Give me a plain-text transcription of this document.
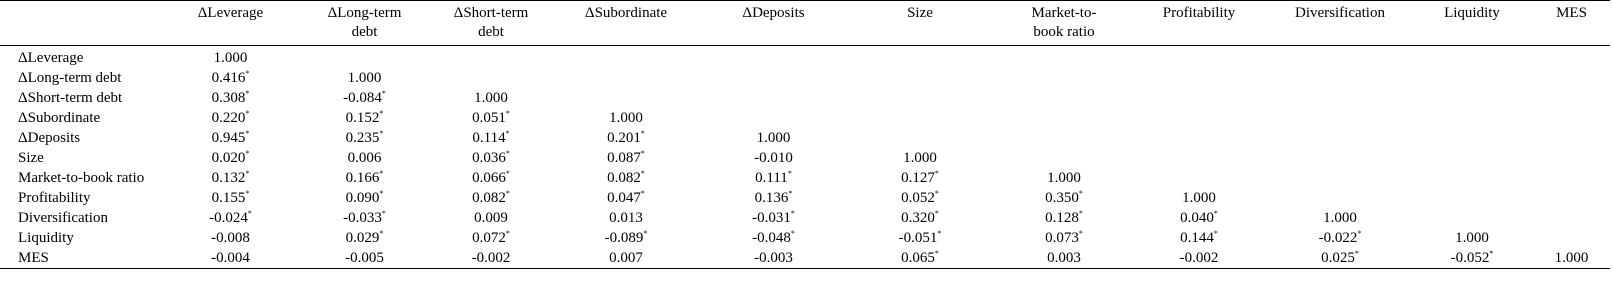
	ΔLeverage	ΔLong-term debt	ΔShort-term debt	ΔSubordinate	ΔDeposits	Size	Market-to-book ratio	Profitability	Diversification	Liquidity	MES
ΔLeverage	1.000										
ΔLong-term debt	0.416*	1.000									
ΔShort-term debt	0.308*	-0.084*	1.000								
ΔSubordinate	0.220*	0.152*	0.051*	1.000							
ΔDeposits	0.945*	0.235*	0.114*	0.201*	1.000						
Size	0.020*	0.006	0.036*	0.087*	-0.010	1.000					
Market-to-book ratio	0.132*	0.166*	0.066*	0.082*	0.111*	0.127*	1.000				
Profitability	0.155*	0.090*	0.082*	0.047*	0.136*	0.052*	0.350*	1.000			
Diversification	-0.024*	-0.033*	0.009	0.013	-0.031*	0.320*	0.128*	0.040*	1.000		
Liquidity	-0.008	0.029*	0.072*	-0.089*	-0.048*	-0.051*	0.073*	0.144*	-0.022*	1.000	
MES	-0.004	-0.005	-0.002	0.007	-0.003	0.065*	0.003	-0.002	0.025*	-0.052*	1.000
